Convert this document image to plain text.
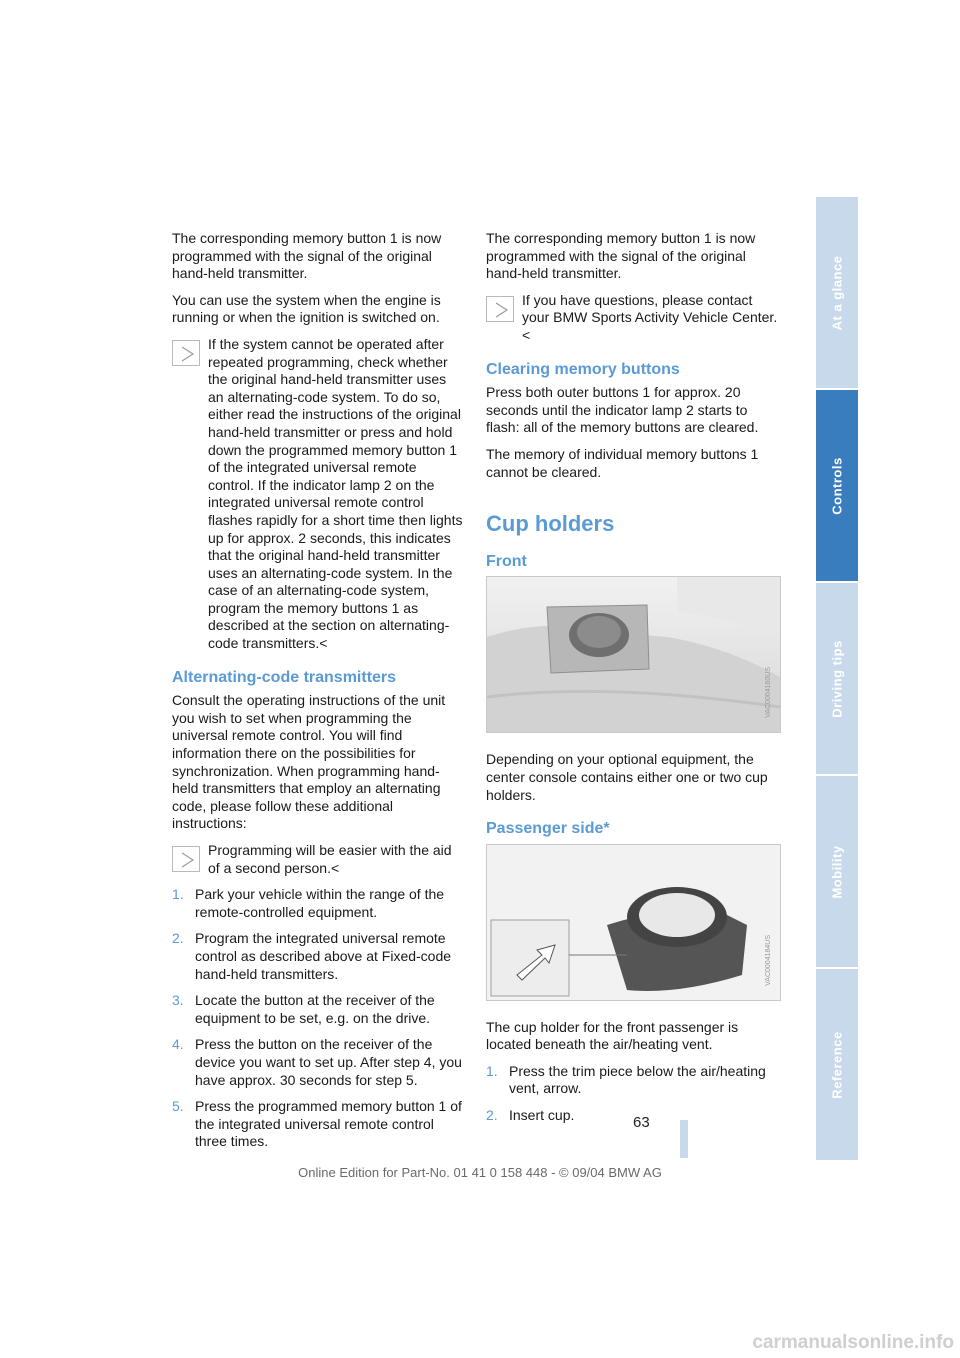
The corresponding memory button 1 is now programmed with the signal of the original hand-held transmitter.

You can use the system when the engine is running or when the ignition is switched on.

If the system cannot be operated after repeated programming, check whether the original hand-held transmitter uses an alternating-code system. To do so, either read the instructions of the original hand-held transmitter or press and hold down the programmed memory button 1 of the integrated universal remote control. If the indicator lamp 2 on the integrated universal remote control flashes rapidly for a short time then lights up for approx. 2 seconds, this indicates that the original hand-held transmitter uses an alternating-code system. In the case of an alternating-code system, program the memory buttons 1 as described at the section on alternating-code transmitters.<
Alternating-code transmitters

Consult the operating instructions of the unit you wish to set when programming the universal remote control. You will find information there on the possibilities for synchronization. When programming hand-held transmitters that employ an alternating code, please follow these additional instructions:

Programming will be easier with the aid of a second person.<
1. Park your vehicle within the range of the remote-controlled equipment.
2. Program the integrated universal remote control as described above at Fixed-code hand-held transmitters.
3. Locate the button at the receiver of the equipment to be set, e.g. on the drive.
4. Press the button on the receiver of the device you want to set up. After step 4, you have approx. 30 seconds for step 5.
5. Press the programmed memory button 1 of the integrated universal remote control three times.

The corresponding memory button 1 is now programmed with the signal of the original hand-held transmitter.

If you have questions, please contact your BMW Sports Activity Vehicle Center.<
Clearing memory buttons

Press both outer buttons 1 for approx. 20 seconds until the indicator lamp 2 starts to flash: all of the memory buttons are cleared.

The memory of individual memory buttons 1 cannot be cleared.

Cup holders
Front
VAC0004160US

Depending on your optional equipment, the center console contains either one or two cup holders.

Passenger side*
VAC0004184US

The cup holder for the front passenger is located beneath the air/heating vent.

1. Press the trim piece below the air/heating vent, arrow.
2. Insert cup.
At a glance
Controls
Driving tips
Mobility
Reference
63
Online Edition for Part-No. 01 41 0 158 448 - © 09/04 BMW AG
carmanualsonline.info
